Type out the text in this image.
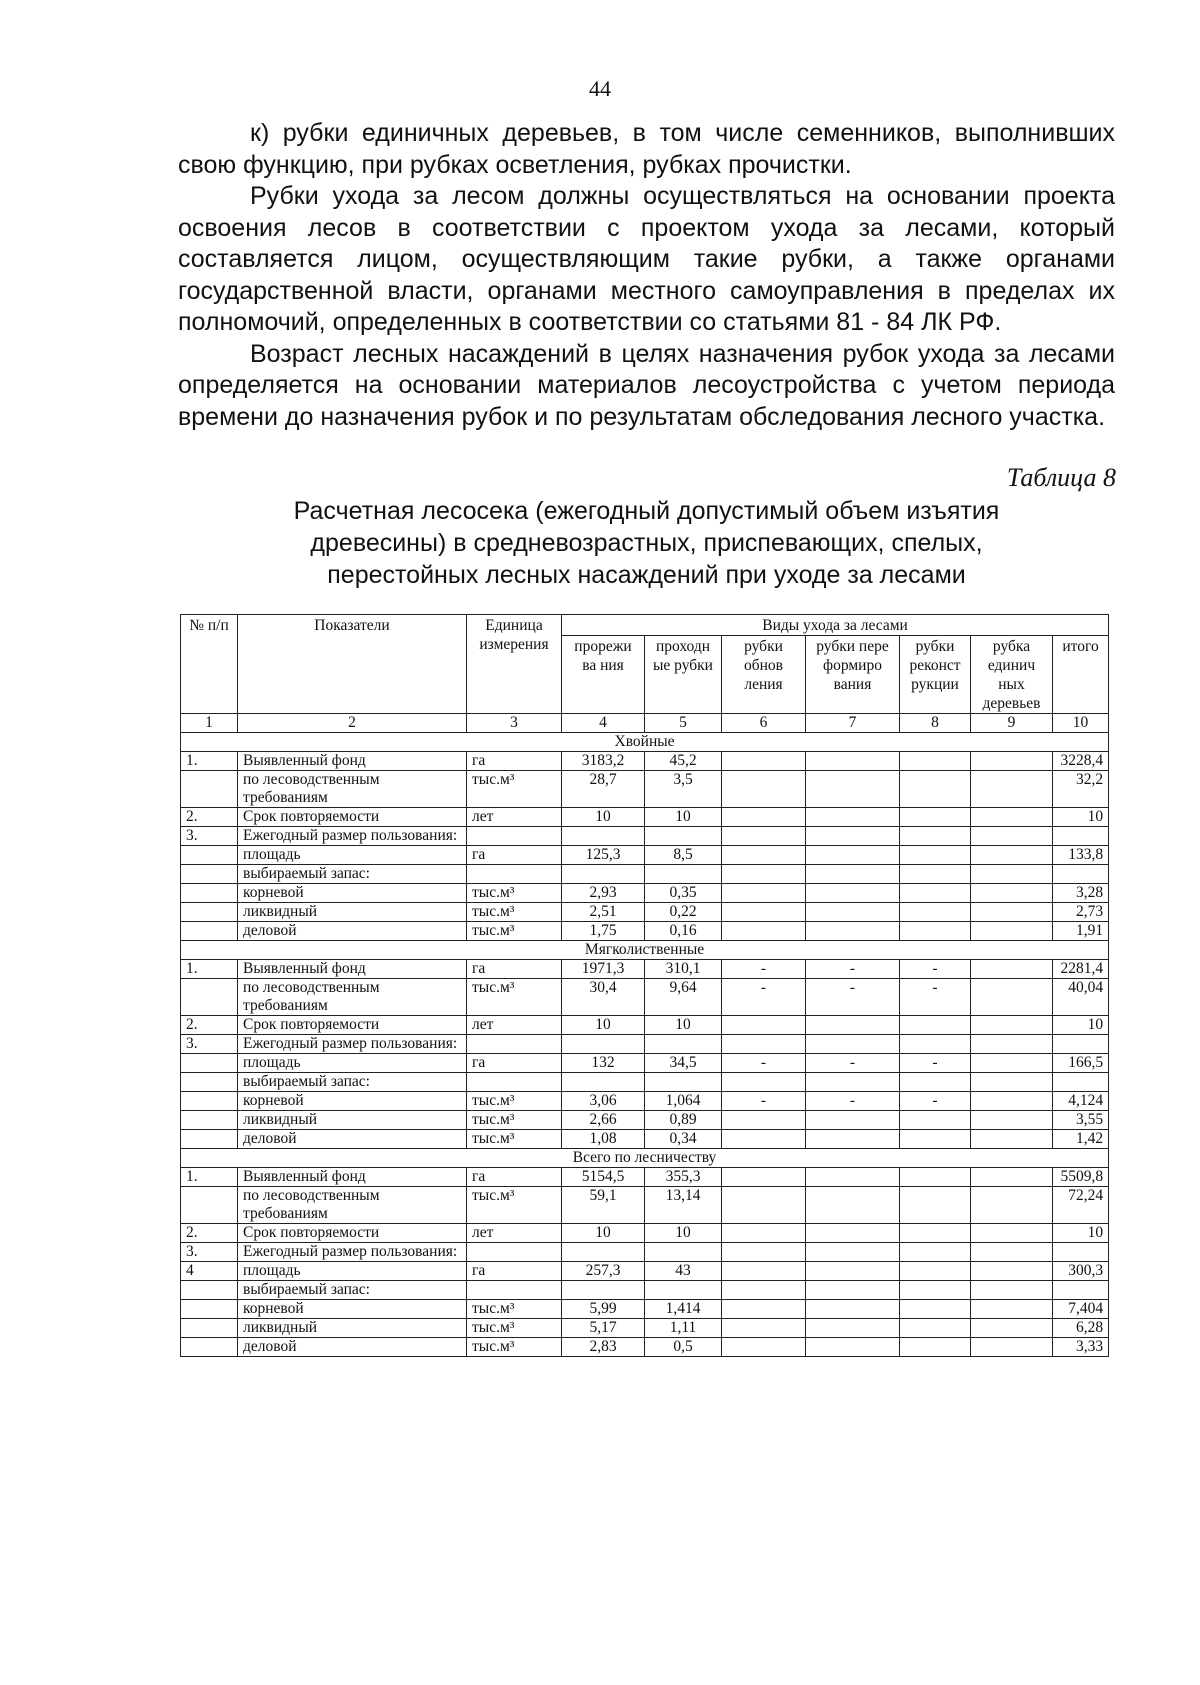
44

к) рубки единичных деревьев, в том числе семенников, выполнивших свою функцию, при рубках осветления, рубках прочистки.

Рубки ухода за лесом должны осуществляться на основании проекта освоения лесов в соответствии с проектом ухода за лесами, который составляется лицом, осуществляющим такие рубки, а также органами государственной власти, органами местного самоуправления в пределах их полномочий, определенных в соответствии со статьями 81 - 84 ЛК РФ.

Возраст лесных насаждений в целях назначения рубок ухода за лесами определяется на основании материалов лесоустройства с учетом периода времени до назначения рубок и по результатам обследования лесного участка.

Таблица 8
Расчетная лесосека (ежегодный допустимый объем изъятия
древесины) в средневозрастных, приспевающих, спелых,
перестойных лесных насаждений при уходе за лесами
№ п/п	Показатели	Единица измерения	Виды ухода за лесами						
			прорежи ва ния	проходн ые рубки	рубки обнов ления	рубки пере формиро вания	рубки реконст рукции	рубка единич ных деревьев	итого
1	2	3	4	5	6	7	8	9	10
Хвойные									
1.	Выявленный фонд	га	3183,2	45,2					3228,4
	по лесоводственным требованиям	тыс.м³	28,7	3,5					32,2
2.	Срок повторяемости	лет	10	10					10
3.	Ежегодный размер пользования:								
	площадь	га	125,3	8,5					133,8
	выбираемый запас:								
	корневой	тыс.м³	2,93	0,35					3,28
	ликвидный	тыс.м³	2,51	0,22					2,73
	деловой	тыс.м³	1,75	0,16					1,91
Мягколиственные									
1.	Выявленный фонд	га	1971,3	310,1	-	-	-		2281,4
	по лесоводственным требованиям	тыс.м³	30,4	9,64	-	-	-		40,04
2.	Срок повторяемости	лет	10	10					10
3.	Ежегодный размер пользования:								
	площадь	га	132	34,5	-	-	-		166,5
	выбираемый запас:								
	корневой	тыс.м³	3,06	1,064	-	-	-		4,124
	ликвидный	тыс.м³	2,66	0,89					3,55
	деловой	тыс.м³	1,08	0,34					1,42
Всего по лесничеству									
1.	Выявленный фонд	га	5154,5	355,3					5509,8
	по лесоводственным требованиям	тыс.м³	59,1	13,14					72,24
2.	Срок повторяемости	лет	10	10					10
3.	Ежегодный размер пользования:								
4	площадь	га	257,3	43					300,3
	выбираемый запас:								
	корневой	тыс.м³	5,99	1,414					7,404
	ликвидный	тыс.м³	5,17	1,11					6,28
	деловой	тыс.м³	2,83	0,5					3,33
